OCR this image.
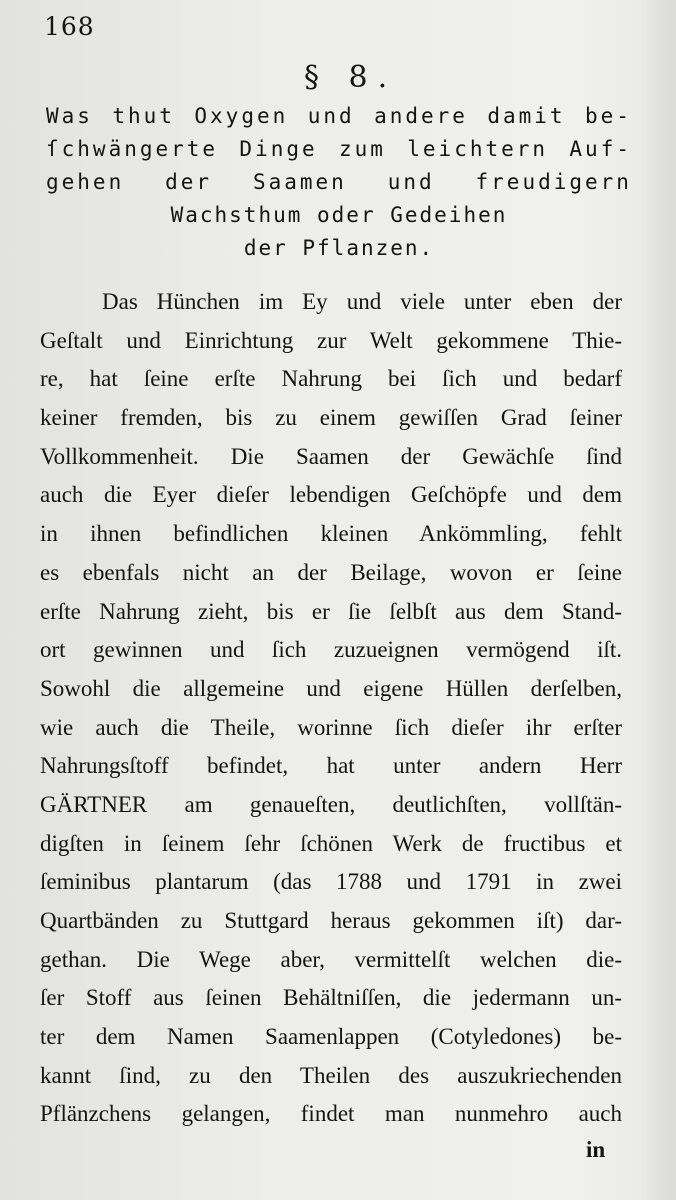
168
§ 8.
Was thut Oxygen und andere damit be-
ſchwängerte Dinge zum leichtern Auf-
gehen der Saamen und freudigern
Wachsthum oder Gedeihen
der Pflanzen.
Das Hünchen im Ey und viele unter eben der
Geſtalt und Einrichtung zur Welt gekommene Thie-
re, hat ſeine erſte Nahrung bei ſich und bedarf
keiner fremden, bis zu einem gewiſſen Grad ſeiner
Vollkommenheit. Die Saamen der Gewächſe ſind
auch die Eyer dieſer lebendigen Geſchöpfe und dem
in ihnen befindlichen kleinen Ankömmling, fehlt
es ebenfals nicht an der Beilage, wovon er ſeine
erſte Nahrung zieht, bis er ſie ſelbſt aus dem Stand-
ort gewinnen und ſich zuzueignen vermögend iſt.
Sowohl die allgemeine und eigene Hüllen derſelben,
wie auch die Theile, worinne ſich dieſer ihr erſter
Nahrungsſtoff befindet, hat unter andern Herr
GÄRTNER am genaueſten, deutlichſten, vollſtän-
digſten in ſeinem ſehr ſchönen Werk de fructibus et
ſeminibus plantarum (das 1788 und 1791 in zwei
Quartbänden zu Stuttgard heraus gekommen iſt) dar-
gethan. Die Wege aber, vermittelſt welchen die-
ſer Stoff aus ſeinen Behältniſſen, die jedermann un-
ter dem Namen Saamenlappen (Cotyledones) be-
kannt ſind, zu den Theilen des auszukriechenden
Pflänzchens gelangen, findet man nunmehro auch
in
